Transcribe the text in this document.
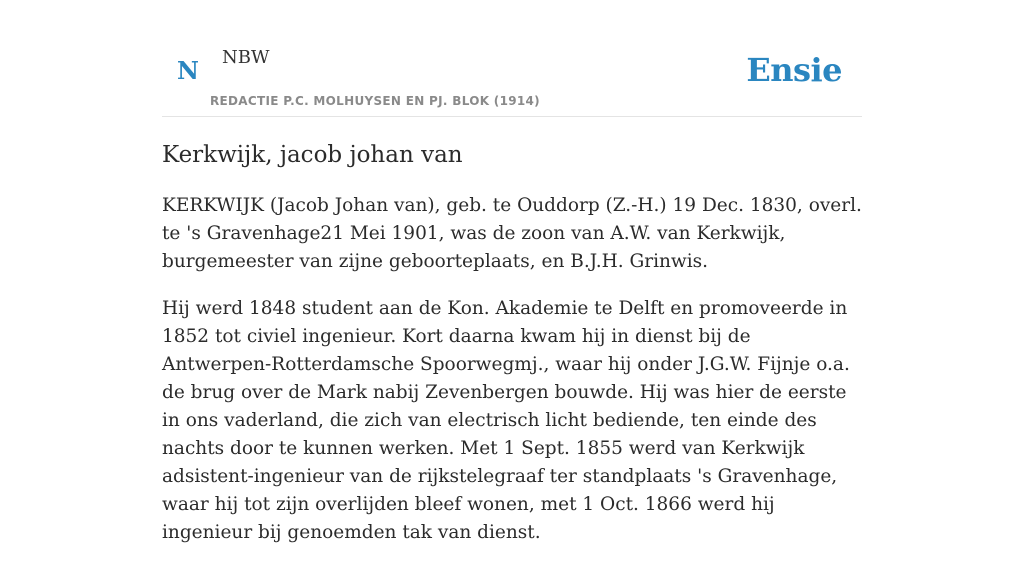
N NBW
REDACTIE P.C. MOLHUYSEN EN PJ. BLOK (1914)
Ensie
Kerkwijk, jacob johan van

KERKWIJK (Jacob Johan van), geb. te Ouddorp (Z.-H.) 19 Dec. 1830, overl. te 's Gravenhage21 Mei 1901, was de zoon van A.W. van Kerkwijk, burgemeester van zijne geboorteplaats, en B.J.H. Grinwis.

Hij werd 1848 student aan de Kon. Akademie te Delft en promoveerde in 1852 tot civiel ingenieur. Kort daarna kwam hij in dienst bij de Antwerpen-Rotterdamsche Spoorwegmj., waar hij onder J.G.W. Fijnje o.a. de brug over de Mark nabij Zevenbergen bouwde. Hij was hier de eerste in ons vaderland, die zich van electrisch licht bediende, ten einde des nachts door te kunnen werken. Met 1 Sept. 1855 werd van Kerkwijk adsistent-ingenieur van de rijkstelegraaf ter standplaats 's Gravenhage, waar hij tot zijn overlijden bleef wonen, met 1 Oct. 1866 werd hij ingenieur bij genoemden tak van dienst.
